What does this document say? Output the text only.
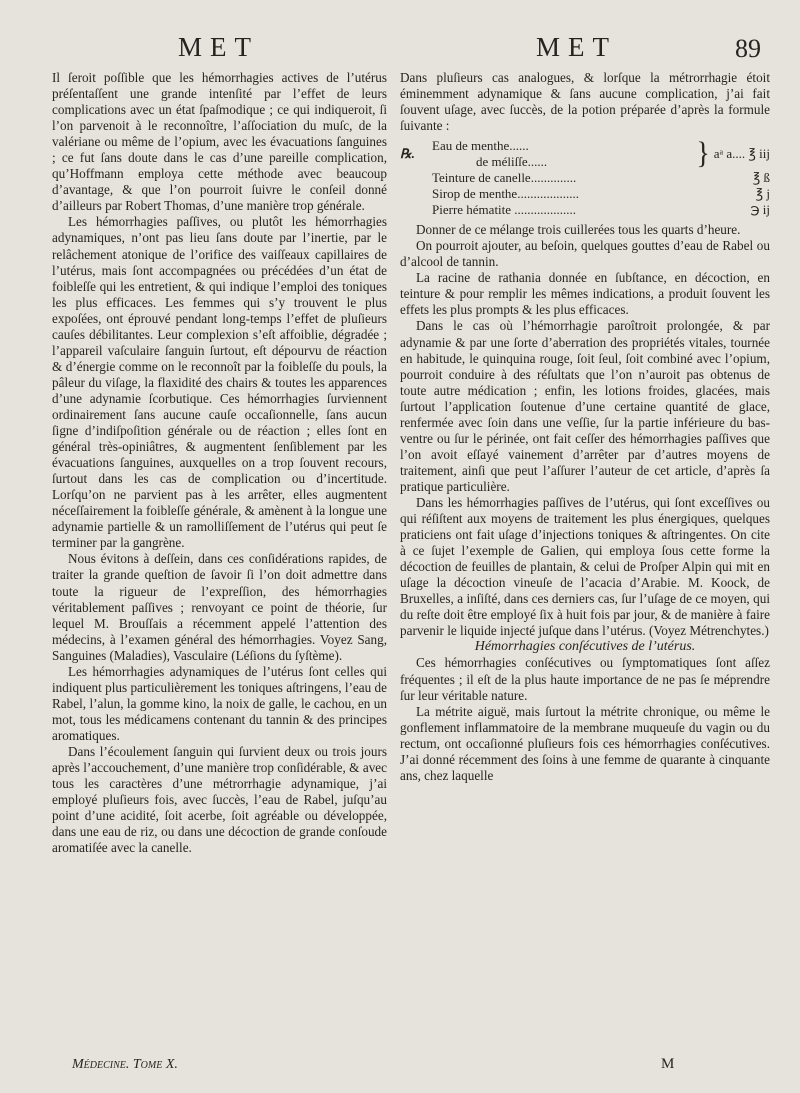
MET	MET	89

Il ſeroit poſſible que les hémorrhagies actives de l’utérus préſentaſſent une grande intenſité par l’effet de leurs complications avec un état ſpaſmodique ; ce qui indiqueroit, ſi l’on parvenoit à le reconnoître, l’aſſociation du muſc, de la valériane ou même de l’opium, avec les évacuations ſanguines ; ce fut ſans doute dans le cas d’une pareille complication, qu’Hoffmann employa cette méthode avec beaucoup d’avantage, & que l’on pourroit ſuivre le conſeil donné d’ailleurs par Robert Thomas, d’une manière trop générale.

Les hémorrhagies paſſives, ou plutôt les hémorrhagies adynamiques, n’ont pas lieu ſans doute par l’inertie, par le relâchement atonique de l’orifice des vaiſſeaux capillaires de l’utérus, mais ſont accompagnées ou précédées d’un état de foibleſſe qui les entretient, & qui indique l’emploi des toniques les plus efficaces. Les femmes qui s’y trouvent le plus expoſées, ont éprouvé pendant long-temps l’effet de pluſieurs cauſes débilitantes. Leur complexion s’eſt affoiblie, dégradée ; l’appareil vaſculaire ſanguin ſurtout, eſt dépourvu de réaction & d’énergie comme on le reconnoît par la foibleſſe du pouls, la pâleur du viſage, la flaxidité des chairs & toutes les apparences d’une adynamie ſcorbutique. Ces hémorrhagies ſurviennent ordinairement ſans aucune cauſe occaſionnelle, ſans aucun ſigne d’indiſpoſition générale ou de réaction ; elles ſont en général très-opiniâtres, & augmentent ſenſiblement par les évacuations ſanguines, auxquelles on a trop ſouvent recours, ſurtout dans les cas de complication ou d’incertitude. Lorſqu’on ne parvient pas à les arrêter, elles augmentent néceſſairement la foibleſſe générale, & amènent à la longue une adynamie partielle & un ramolliſſement de l’utérus qui peut ſe terminer par la gangrène.

Nous évitons à deſſein, dans ces conſidérations rapides, de traiter la grande queſtion de ſavoir ſi l’on doit admettre dans toute la rigueur de l’expreſſion, des hémorrhagies véritablement paſſives ; renvoyant ce point de théorie, ſur lequel M. Brouſſais a récemment appelé l’attention des médecins, à l’examen général des hémorrhagies. Voyez Sang, Sanguines (Maladies), Vasculaire (Léſions du ſyſtème).

Les hémorrhagies adynamiques de l’utérus ſont celles qui indiquent plus particulièrement les toniques aſtringens, l’eau de Rabel, l’alun, la gomme kino, la noix de galle, le cachou, en un mot, tous les médicamens contenant du tannin & des principes aromatiques.

Dans l’écoulement ſanguin qui ſurvient deux ou trois jours après l’accouchement, d’une manière trop conſidérable, & avec tous les caractères d’une métrorrhagie adynamique, j’ai employé pluſieurs fois, avec ſuccès, l’eau de Rabel, juſqu’au point d’une acidité, ſoit acerbe, ſoit agréable ou développée, dans une eau de riz, ou dans une décoction de grande conſoude aromatiſée avec la canelle.

Dans pluſieurs cas analogues, & lorſque la métrorrhagie étoit éminemment adynamique & ſans aucune complication, j’ai fait ſouvent uſage, avec ſuccès, de la potion préparée d’après la formule ſuivante :

℞.
Eau de menthe......
de méliſſe......	} aᵃ a.... ℥ iij
Teinture de canelle..............	℥ ß
Sirop de menthe...................	℥ j
Pierre hématite ...................	℈ ij

Donner de ce mélange trois cuillerées tous les quarts d’heure.

On pourroit ajouter, au beſoin, quelques gouttes d’eau de Rabel ou d’alcool de tannin.

La racine de rathania donnée en ſubſtance, en décoction, en teinture & pour remplir les mêmes indications, a produit ſouvent les effets les plus prompts & les plus efficaces.

Dans le cas où l’hémorrhagie paroîtroit prolongée, & par adynamie & par une ſorte d’aberration des propriétés vitales, tournée en habitude, le quinquina rouge, ſoit ſeul, ſoit combiné avec l’opium, pourroit conduire à des réſultats que l’on n’auroit pas obtenus de toute autre médication ; enfin, les lotions froides, glacées, mais ſurtout l’application ſoutenue d’une certaine quantité de glace, renfermée avec ſoin dans une veſſie, ſur la partie inférieure du bas-ventre ou ſur le périnée, ont fait ceſſer des hémorrhagies paſſives que l’on avoit eſſayé vainement d’arrêter par d’autres moyens de traitement, ainſi que peut l’aſſurer l’auteur de cet article, d’après ſa pratique particulière.

Dans les hémorrhagies paſſives de l’utérus, qui ſont exceſſives ou qui réſiſtent aux moyens de traitement les plus énergiques, quelques praticiens ont fait uſage d’injections toniques & aſtringentes. On cite à ce ſujet l’exemple de Galien, qui employa ſous cette forme la décoction de feuilles de plantain, & celui de Proſper Alpin qui mit en uſage la décoction vineuſe de l’acacia d’Arabie. M. Koock, de Bruxelles, a inſiſté, dans ces derniers cas, ſur l’uſage de ce moyen, qui du reſte doit être employé ſix à huit fois par jour, & de manière à faire parvenir le liquide injecté juſque dans l’utérus. (Voyez Métrenchytes.)

Hémorrhagies conſécutives de l’utérus.

Ces hémorrhagies conſécutives ou ſymptomatiques ſont aſſez fréquentes ; il eſt de la plus haute importance de ne pas ſe méprendre ſur leur véritable nature.

La métrite aiguë, mais ſurtout la métrite chronique, ou même le gonflement inflammatoire de la membrane muqueuſe du vagin ou du rectum, ont occaſionné pluſieurs fois ces hémorrhagies conſécutives. J’ai donné récemment des ſoins à une femme de quarante à cinquante ans, chez laquelle

Médecine. Tome X.	M
